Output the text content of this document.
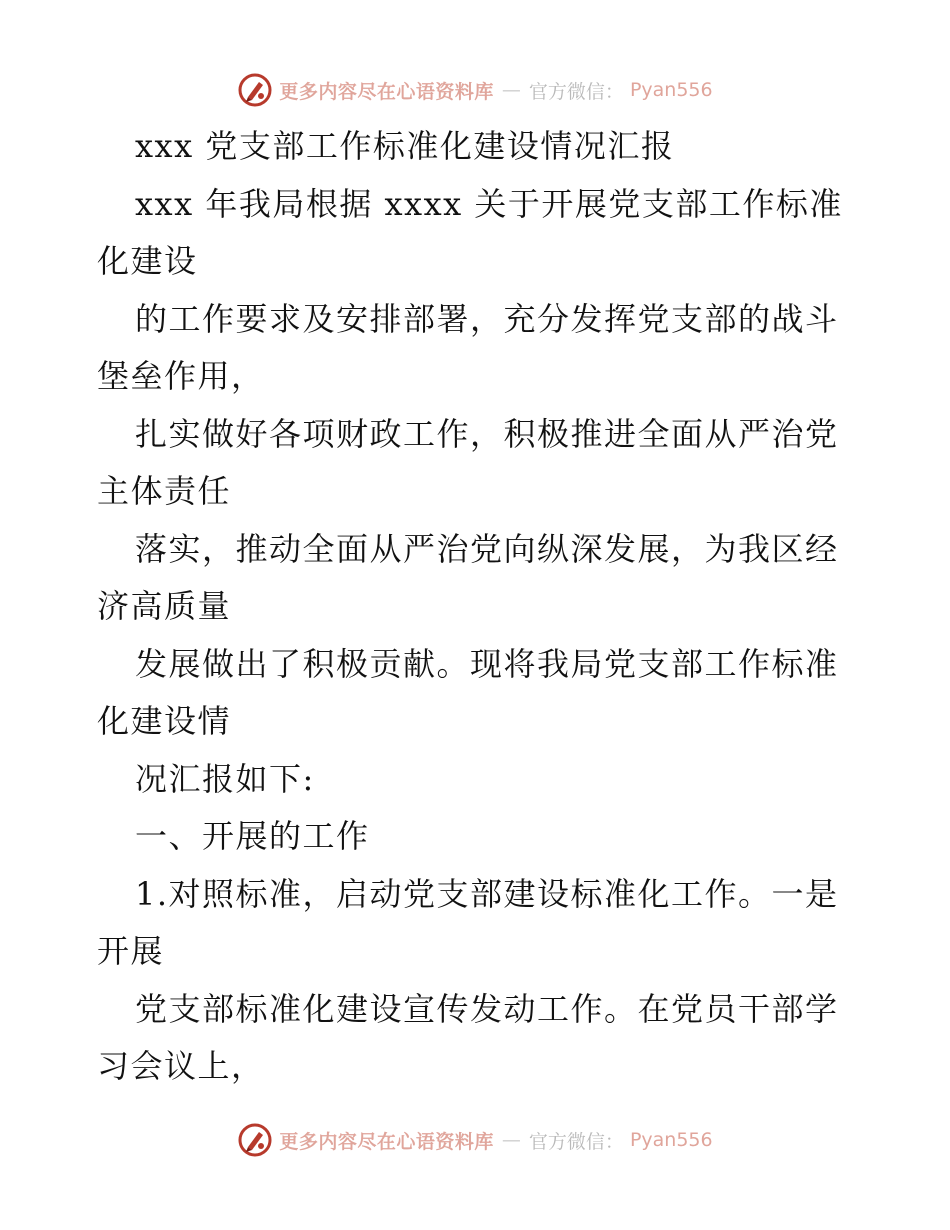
更多内容尽在心语资料库 — 官方微信： Pyan556
xxx 党支部工作标准化建设情况汇报
xxx 年我局根据 xxxx 关于开展党支部工作标准
化建设
的工作要求及安排部署，充分发挥党支部的战斗
堡垒作用，
扎实做好各项财政工作，积极推进全面从严治党
主体责任
落实，推动全面从严治党向纵深发展，为我区经
济高质量
发展做出了积极贡献。现将我局党支部工作标准
化建设情
况汇报如下:
一、开展的工作
1.对照标准，启动党支部建设标准化工作。一是
开展
党支部标准化建设宣传发动工作。在党员干部学
习会议上，
更多内容尽在心语资料库 — 官方微信： Pyan556
